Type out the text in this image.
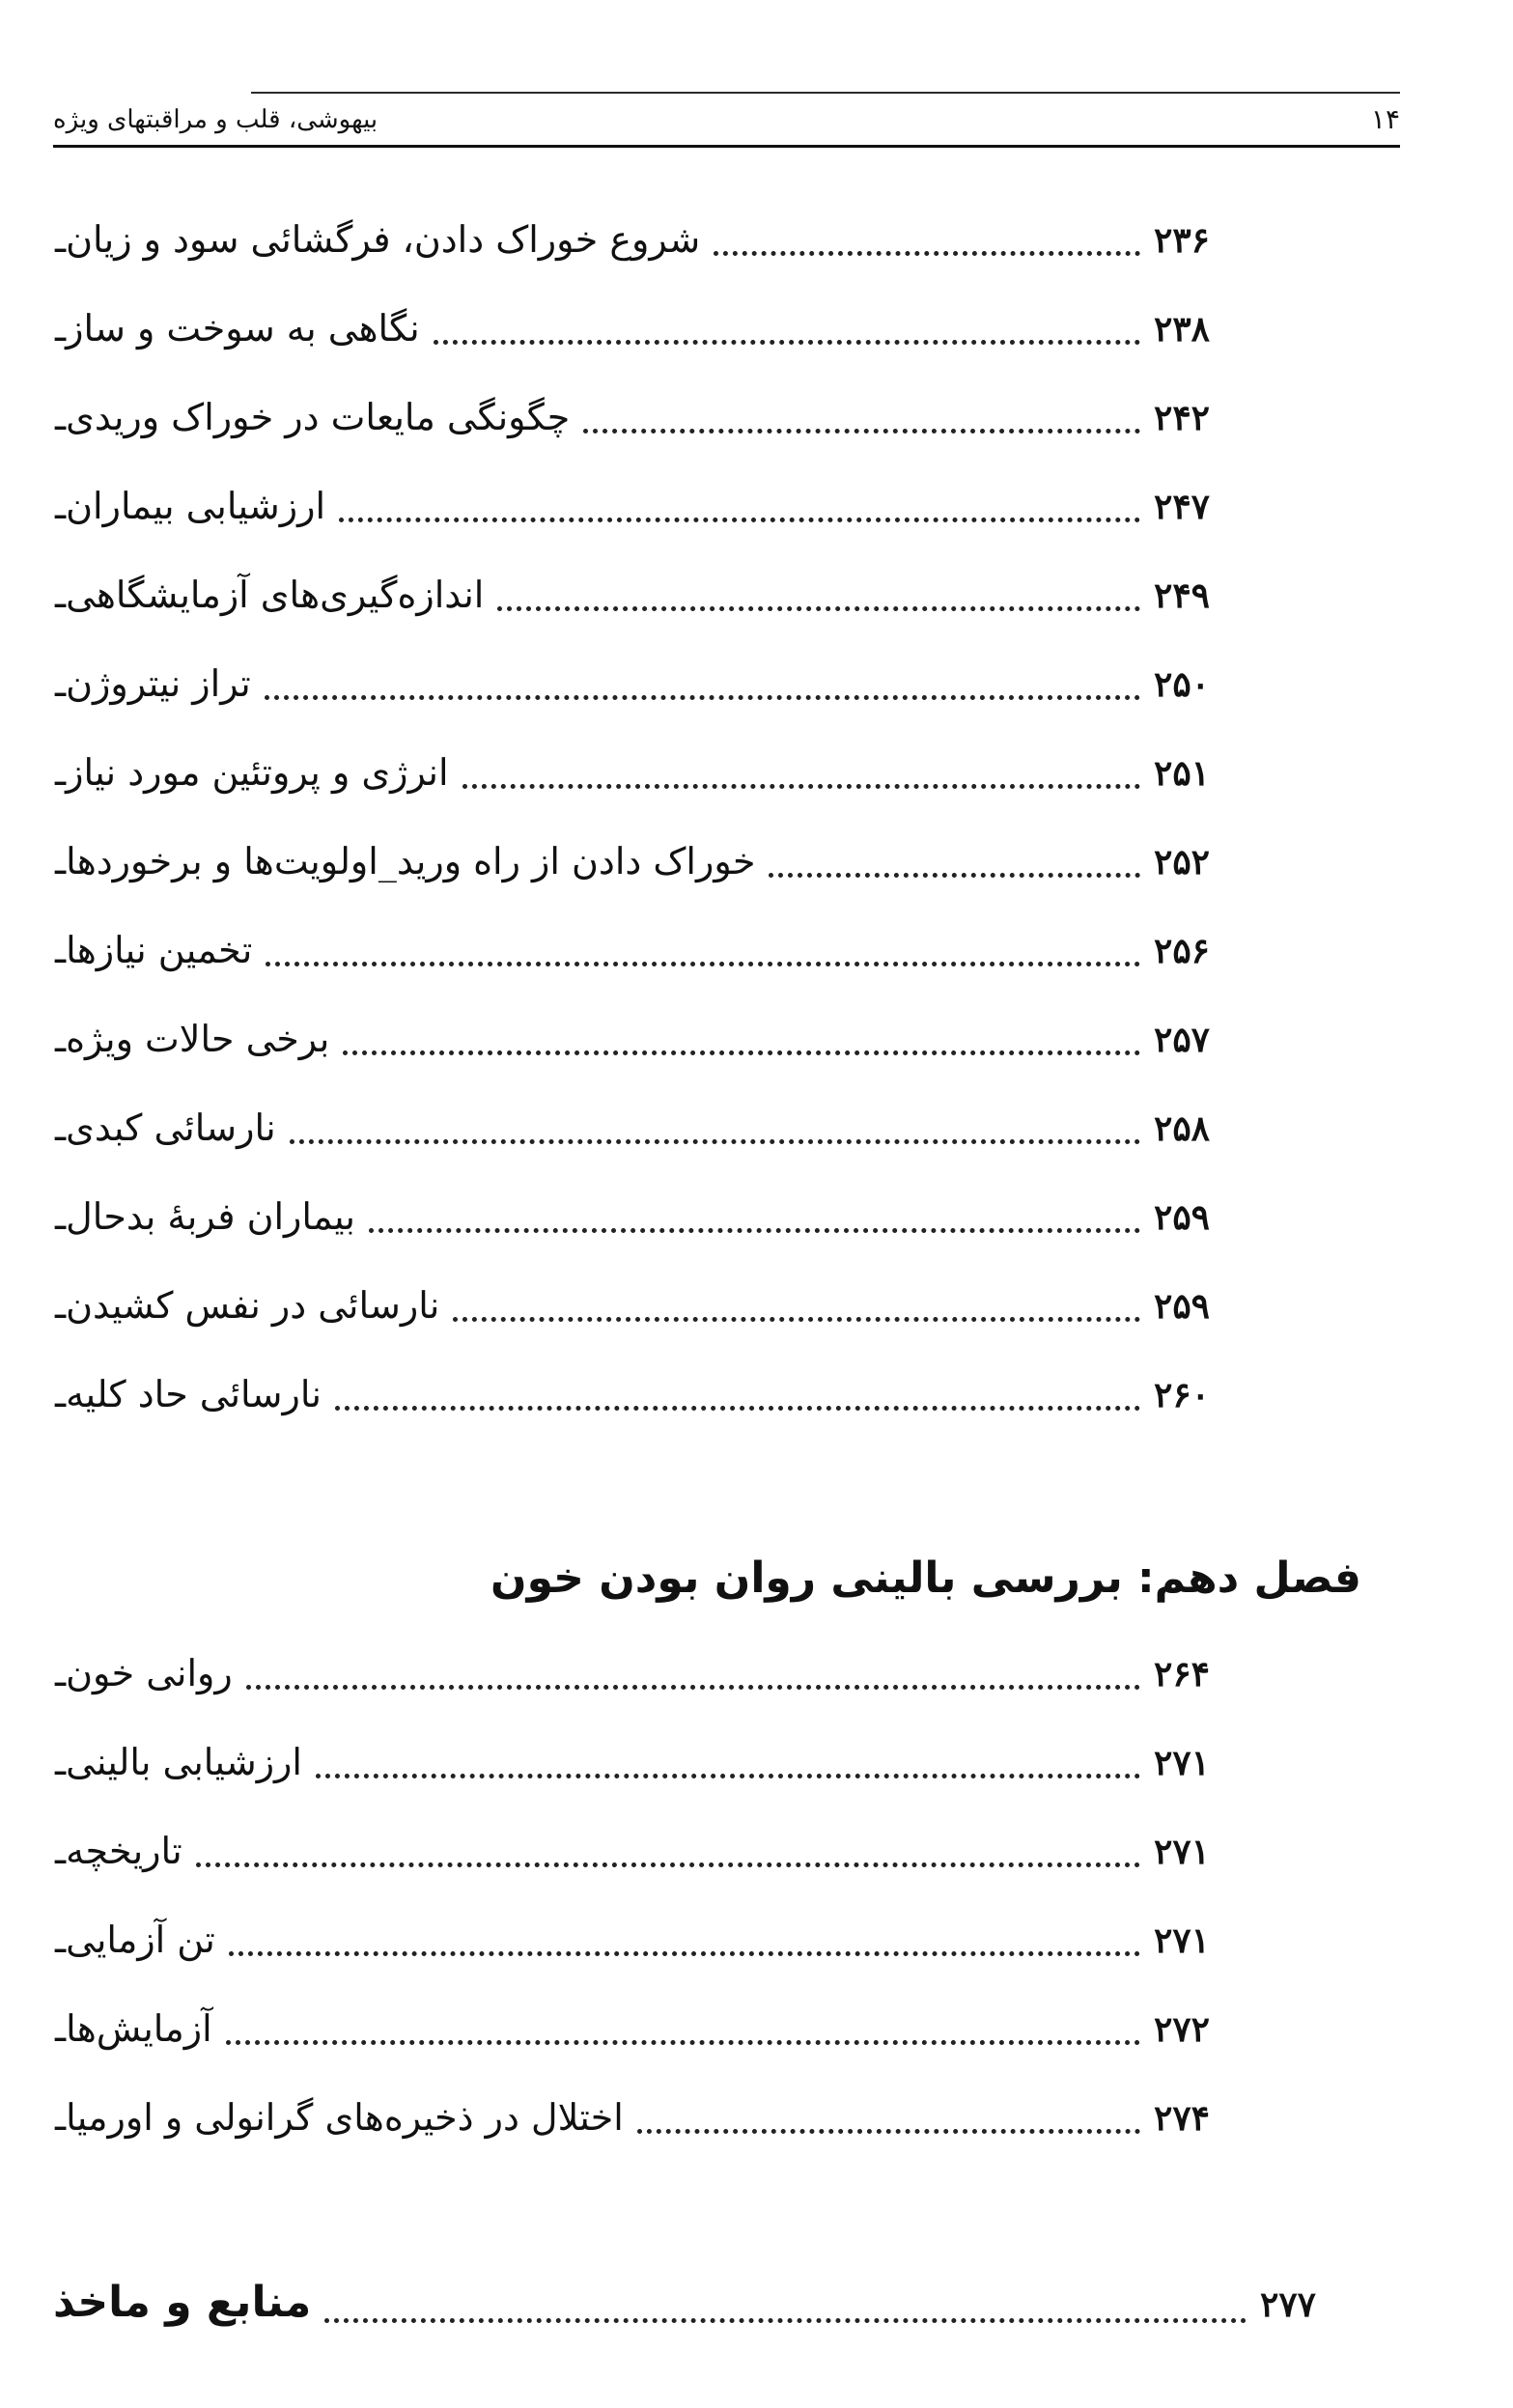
بیهوشی، قلب و مراقبتهای ویژه	۱۴
ـ شروع خوراک دادن، فرگشائی سود و زیان	۲۳۶
ـ نگاهی به سوخت و ساز	۲۳۸
ـ چگونگی مایعات در خوراک وریدی	۲۴۲
ـ ارزشیابی بیماران	۲۴۷
ـ اندازه‌گیری‌های آزمایشگاهی	۲۴۹
ـ تراز نیتروژن	۲۵۰
ـ انرژی و پروتئین مورد نیاز	۲۵۱
ـ خوراک دادن از راه ورید_اولویت‌ها و برخوردها	۲۵۲
ـ تخمین نیازها	۲۵۶
ـ برخی حالات ویژه	۲۵۷
ـ نارسائی کبدی	۲۵۸
ـ بیماران فربهٔ بدحال	۲۵۹
ـ نارسائی در نفس کشیدن	۲۵۹
ـ نارسائی حاد کلیه	۲۶۰
فصل دهم: بررسی بالینی روان بودن خون
ـ روانی خون	۲۶۴
ـ ارزشیابی بالینی	۲۷۱
ـ تاریخچه	۲۷۱
ـ تن آزمایی	۲۷۱
ـ آزمایش‌ها	۲۷۲
ـ اختلال در ذخیره‌های گرانولی و اورمیا	۲۷۴
منابع و ماخذ	۲۷۷
